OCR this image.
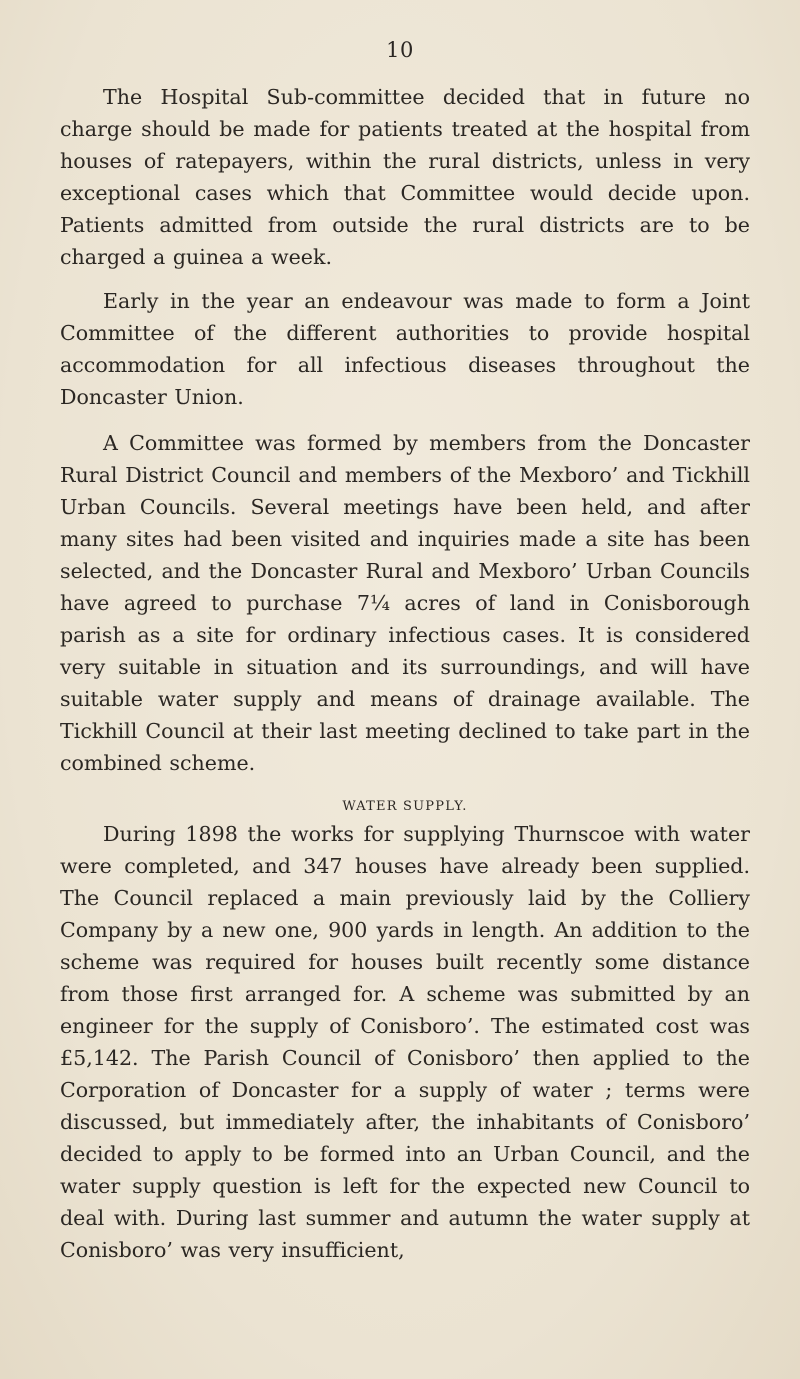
10

The Hospital Sub-committee decided that in future no charge should be made for patients treated at the hospital from houses of ratepayers, within the rural districts, unless in very exceptional cases which that Committee would decide upon. Patients admitted from outside the rural districts are to be charged a guinea a week.

Early in the year an endeavour was made to form a Joint Committee of the different authorities to provide hospital accommodation for all infectious diseases throughout the Doncaster Union.

A Committee was formed by members from the Doncaster Rural District Council and members of the Mexboro’ and Tickhill Urban Councils. Several meetings have been held, and after many sites had been visited and inquiries made a site has been selected, and the Doncaster Rural and Mexboro’ Urban Councils have agreed to purchase 7¼ acres of land in Conisborough parish as a site for ordinary infectious cases. It is considered very suitable in situation and its surroundings, and will have suitable water supply and means of drainage available. The Tickhill Council at their last meeting declined to take part in the combined scheme.

WATER SUPPLY.

During 1898 the works for supplying Thurnscoe with water were completed, and 347 houses have already been supplied. The Council replaced a main previously laid by the Colliery Company by a new one, 900 yards in length. An addition to the scheme was required for houses built recently some distance from those first arranged for. A scheme was submitted by an engineer for the supply of Conisboro’. The estimated cost was £5,142. The Parish Council of Conisboro’ then applied to the Corporation of Doncaster for a supply of water ; terms were discussed, but immediately after, the inhabitants of Conisboro’ decided to apply to be formed into an Urban Council, and the water supply question is left for the expected new Council to deal with. During last summer and autumn the water supply at Conisboro’ was very insufficient,
